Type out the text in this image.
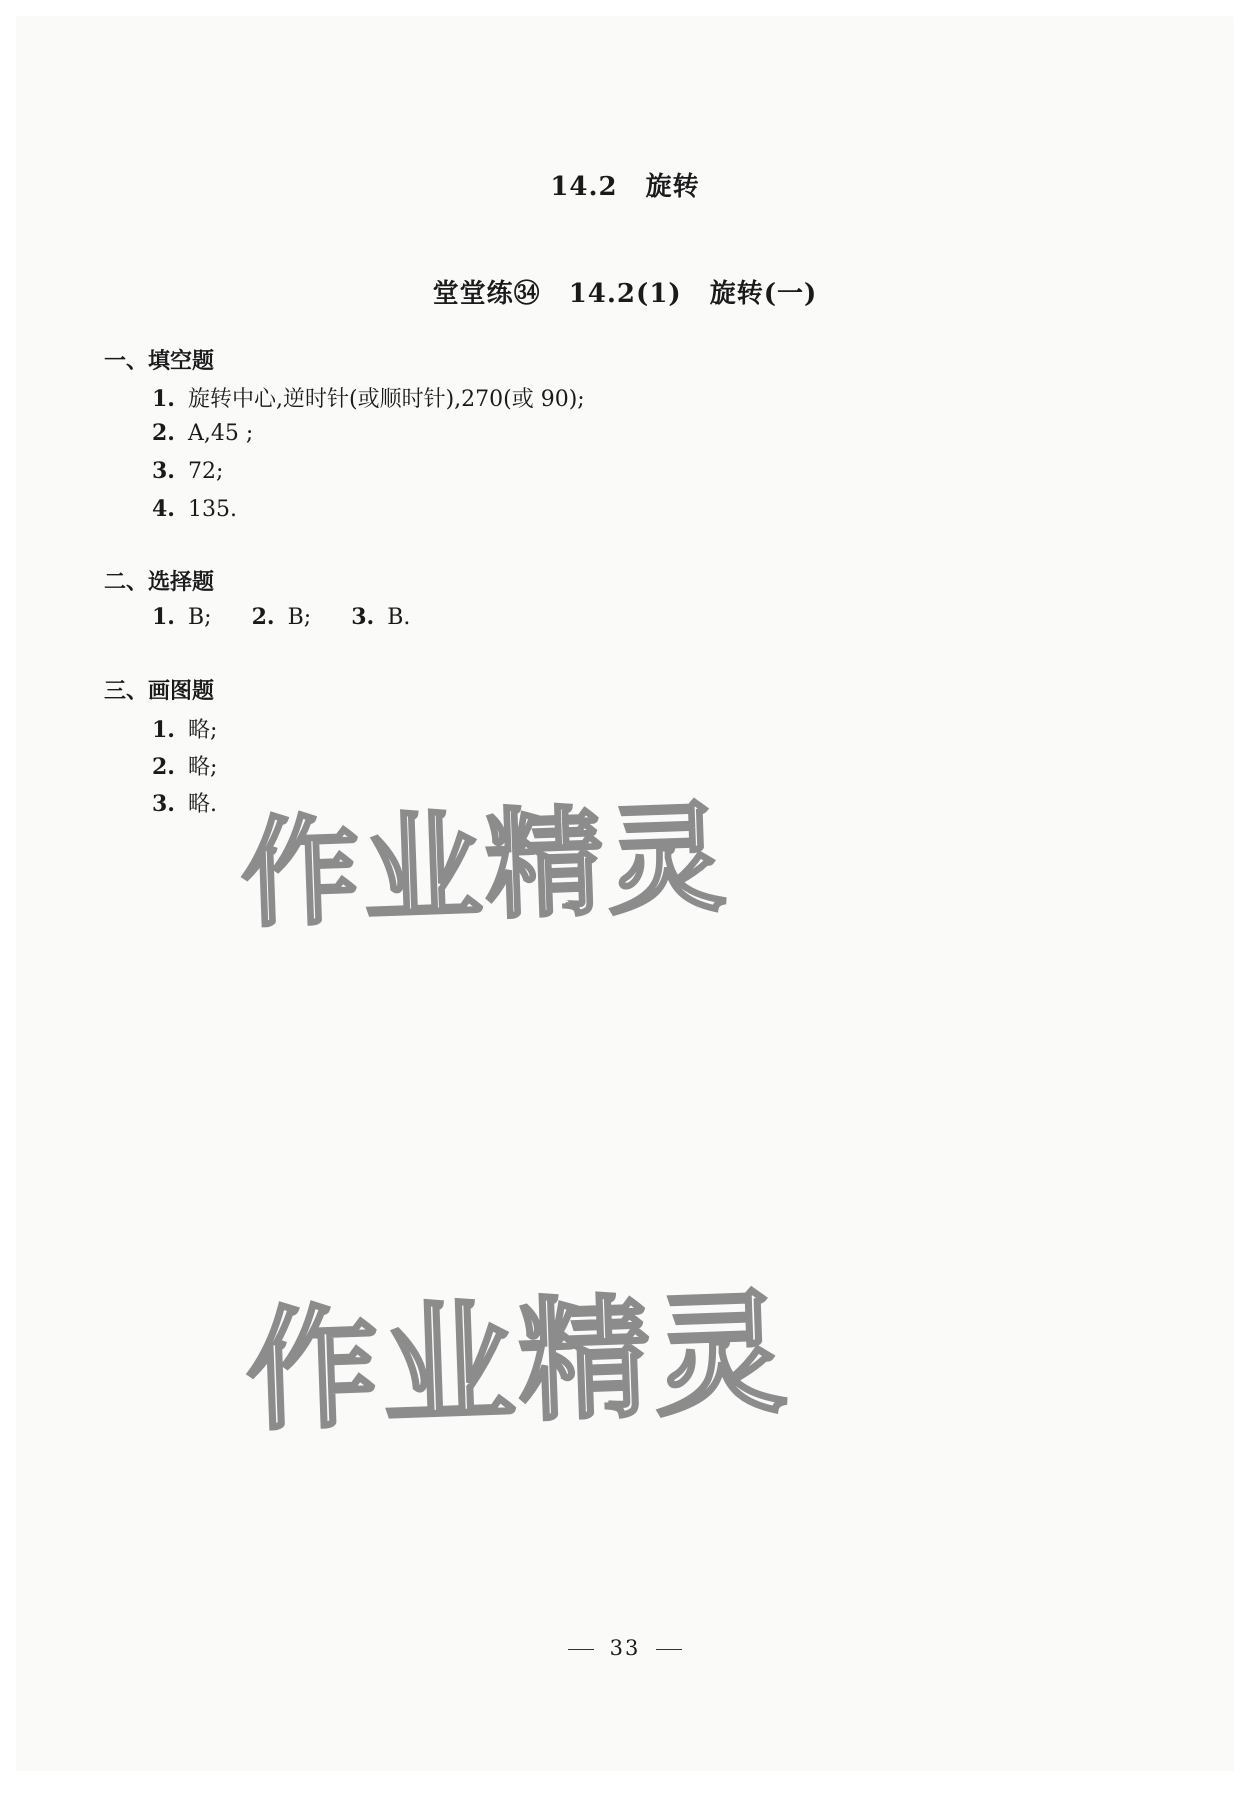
14.2 旋转
堂堂练㉞ 14.2(1) 旋转(一)
一、填空题
1. 旋转中心,逆时针(或顺时针),270(或 90);
2. A,45 ;
3. 72;
4. 135.
二、选择题
1. B; 2. B; 3. B.
三、画图题
1. 略;
2. 略;
3. 略. 作业精灵
作业精灵
33
